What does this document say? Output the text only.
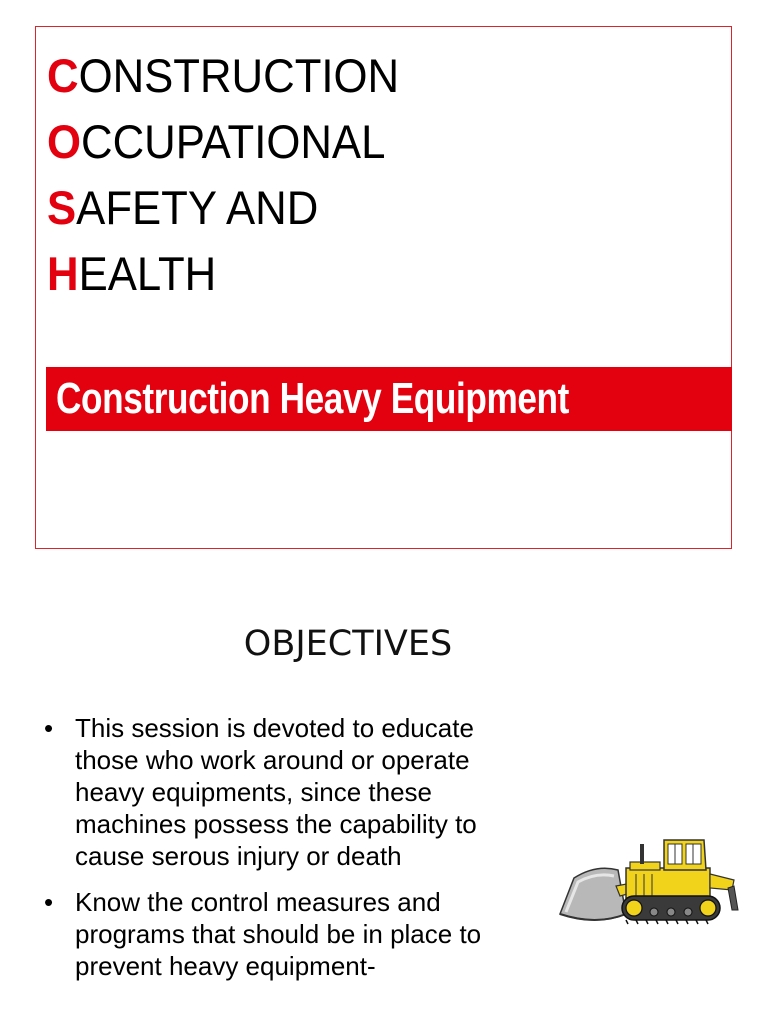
CONSTRUCTION
OCCUPATIONAL
SAFETY AND
HEALTH
Construction Heavy Equipment
OBJECTIVES
• This session is devoted to educate those who work around or operate heavy equipments, since these machines possess the capability to cause serous injury or death
• Know the control measures and programs that should be in place to prevent heavy equipment-
